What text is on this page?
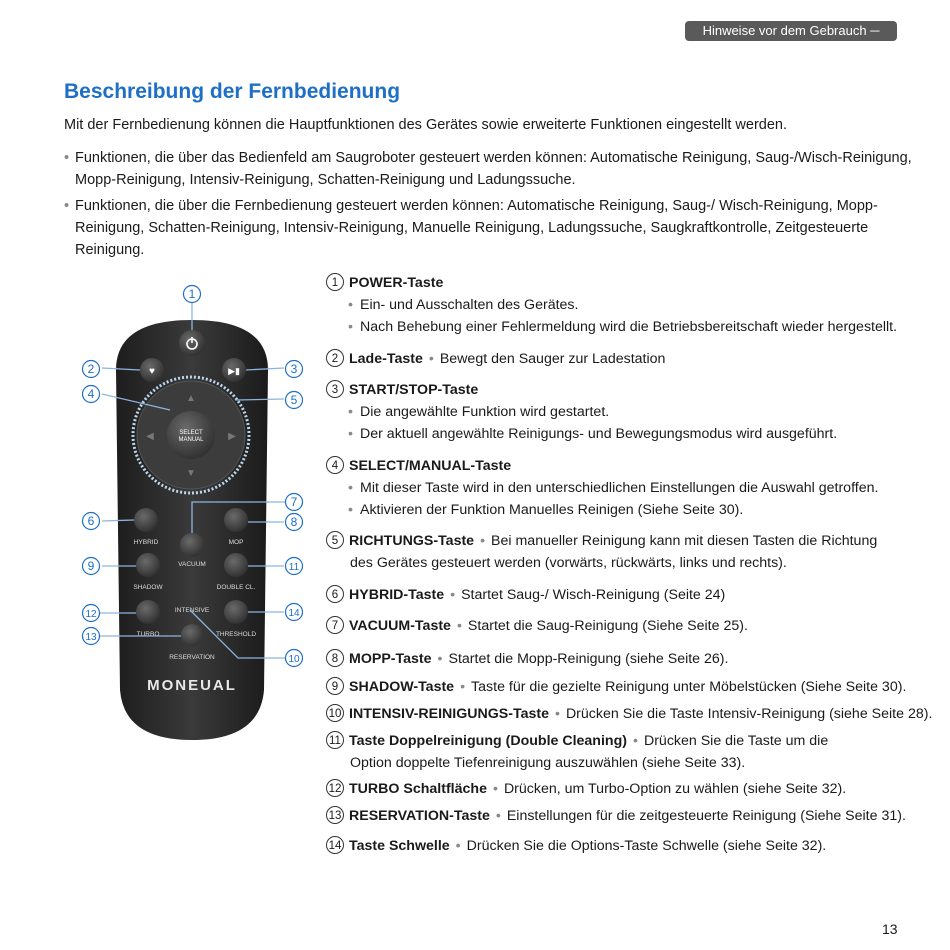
Hinweise vor dem Gebrauch ─
Beschreibung der Fernbedienung

Mit der Fernbedienung können die Hauptfunktionen des Gerätes sowie erweiterte Funktionen eingestellt werden.

• Funktionen, die über das Bedienfeld am Saugroboter gesteuert werden können: Automatische Reinigung, Saug-/Wisch-Reinigung, Mopp-Reinigung, Intensiv-Reinigung, Schatten-Reinigung und Ladungssuche.
• Funktionen, die über die Fernbedienung gesteuert werden können: Automatische Reinigung, Saug-/ Wisch-Reinigung, Mopp-Reinigung, Schatten-Reinigung, Intensiv-Reinigung, Manuelle Reinigung, Ladungssuche, Saugkraftkontrolle, Zeitgesteuerte Reinigung.
♥	▶︎▮
▲
▼
◀	▶
SELECT
MANUAL
HYBRID
VACUUM
MOP
SHADOW	DOUBLE CL.
TURBO
INTENSIVE
THRESHOLD
RESERVATION
MONEUAL
1
2	3
4	5
6
7
8
9
10
11
12
13
14
1 POWER-Taste
• Ein- und Ausschalten des Gerätes.
• Nach Behebung einer Fehlermeldung wird die Betriebsbereitschaft wieder hergestellt.
2 Lade-Taste • Bewegt den Sauger zur Ladestation
3 START/STOP-Taste
• Die angewählte Funktion wird gestartet.
• Der aktuell angewählte Reinigungs- und Bewegungsmodus wird ausgeführt.
4 SELECT/MANUAL-Taste
• Mit dieser Taste wird in den unterschiedlichen Einstellungen die Auswahl getroffen.
• Aktivieren der Funktion Manuelles Reinigen (Siehe Seite 30).
5 RICHTUNGS-Taste • Bei manueller Reinigung kann mit diesen Tasten die Richtung
des Gerätes gesteuert werden (vorwärts, rückwärts, links und rechts).
6 HYBRID-Taste • Startet Saug-/ Wisch-Reinigung (Seite 24)
7 VACUUM-Taste • Startet die Saug-Reinigung (Siehe Seite 25).
8 MOPP-Taste • Startet die Mopp-Reinigung (siehe Seite 26).
9 SHADOW-Taste • Taste für die gezielte Reinigung unter Möbelstücken (Siehe Seite 30).
10 INTENSIV-REINIGUNGS-Taste • Drücken Sie die Taste Intensiv-Reinigung (siehe Seite 28).
11 Taste Doppelreinigung (Double Cleaning) • Drücken Sie die Taste um die
Option doppelte Tiefenreinigung auszuwählen (siehe Seite 33).
12 TURBO Schaltfläche • Drücken, um Turbo-Option zu wählen (siehe Seite 32).
13 RESERVATION-Taste • Einstellungen für die zeitgesteuerte Reinigung (Siehe Seite 31).
14 Taste Schwelle • Drücken Sie die Options-Taste Schwelle (siehe Seite 32).
13
